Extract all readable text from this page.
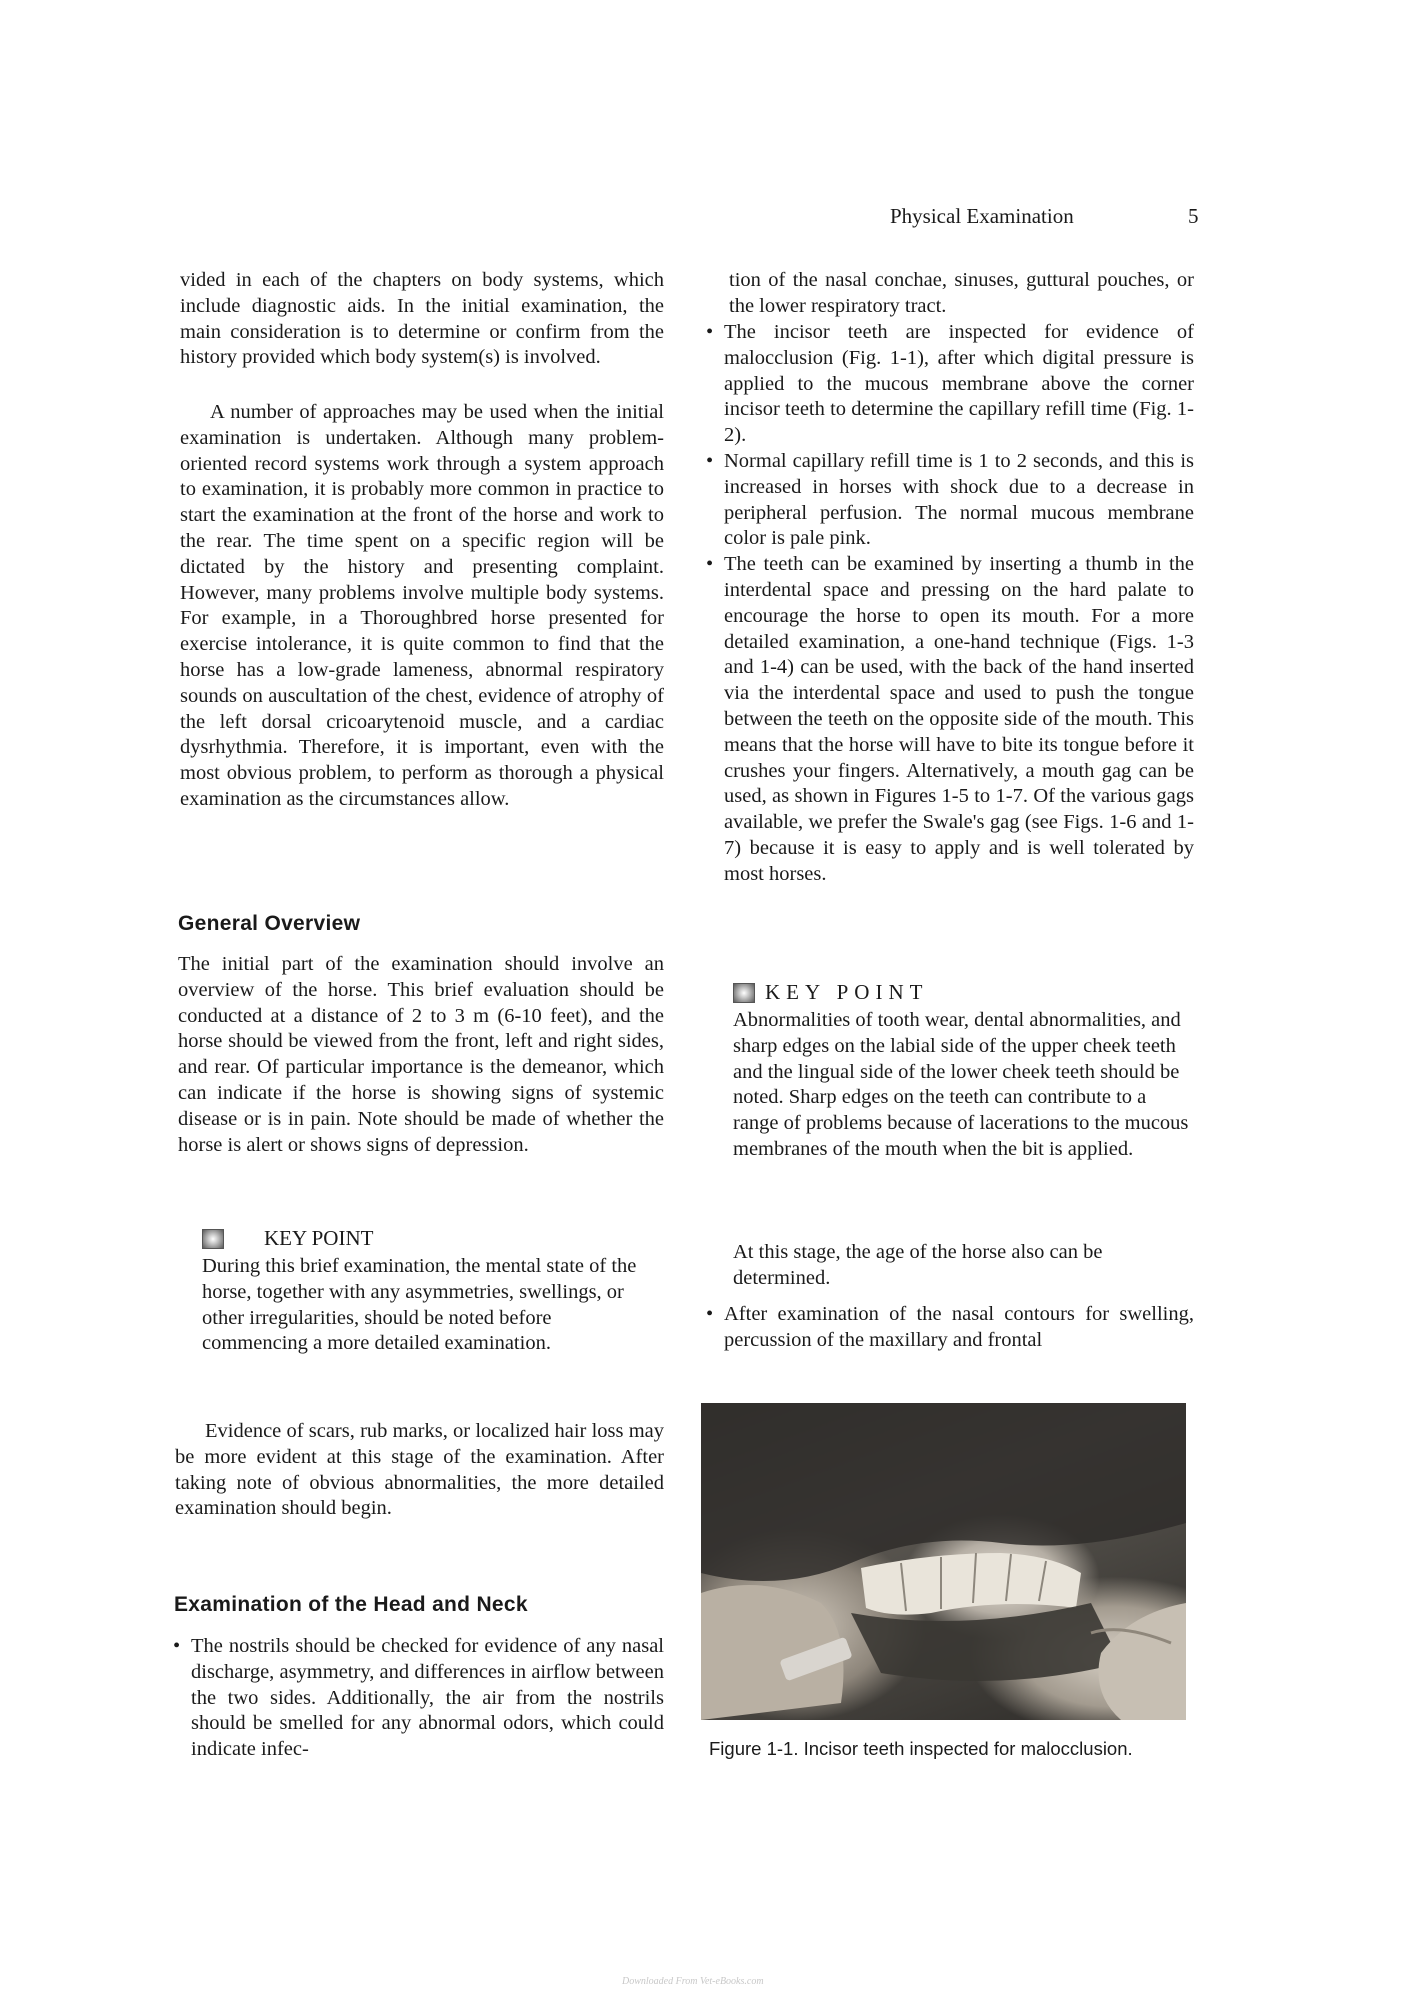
Physical Examination	5

vided in each of the chapters on body systems, which include diagnostic aids. In the initial examination, the main consideration is to determine or confirm from the history provided which body system(s) is involved.

A number of approaches may be used when the initial examination is undertaken. Although many problem-oriented record systems work through a system approach to examination, it is probably more common in practice to start the examination at the front of the horse and work to the rear. The time spent on a specific region will be dictated by the history and presenting complaint. However, many problems involve multiple body systems. For example, in a Thoroughbred horse presented for exercise intolerance, it is quite common to find that the horse has a low-grade lameness, abnormal respiratory sounds on auscultation of the chest, evidence of atrophy of the left dorsal cricoarytenoid muscle, and a cardiac dysrhythmia. Therefore, it is important, even with the most obvious problem, to perform as thorough a physical examination as the circumstances allow.

General Overview

The initial part of the examination should involve an overview of the horse. This brief evaluation should be conducted at a distance of 2 to 3 m (6-10 feet), and the horse should be viewed from the front, left and right sides, and rear. Of particular importance is the demeanor, which can indicate if the horse is showing signs of systemic disease or is in pain. Note should be made of whether the horse is alert or shows signs of depression.

KEY POINT

During this brief examination, the mental state of the horse, together with any asymmetries, swellings, or other irregularities, should be noted before commencing a more detailed examination.

Evidence of scars, rub marks, or localized hair loss may be more evident at this stage of the examination. After taking note of obvious abnormalities, the more detailed examination should begin.

Examination of the Head and Neck
• The nostrils should be checked for evidence of any nasal discharge, asymmetry, and differences in airflow between the two sides. Additionally, the air from the nostrils should be smelled for any abnormal odors, which could indicate infec-

tion of the nasal conchae, sinuses, guttural pouches, or the lower respiratory tract.

• The incisor teeth are inspected for evidence of malocclusion (Fig. 1-1), after which digital pressure is applied to the mucous membrane above the corner incisor teeth to determine the capillary refill time (Fig. 1-2).
• Normal capillary refill time is 1 to 2 seconds, and this is increased in horses with shock due to a decrease in peripheral perfusion. The normal mucous membrane color is pale pink.
• The teeth can be examined by inserting a thumb in the interdental space and pressing on the hard palate to encourage the horse to open its mouth. For a more detailed examination, a one-hand technique (Figs. 1-3 and 1-4) can be used, with the back of the hand inserted via the interdental space and used to push the tongue between the teeth on the opposite side of the mouth. This means that the horse will have to bite its tongue before it crushes your fingers. Alternatively, a mouth gag can be used, as shown in Figures 1-5 to 1-7. Of the various gags available, we prefer the Swale's gag (see Figs. 1-6 and 1-7) because it is easy to apply and is well tolerated by most horses.
KEY POINT

Abnormalities of tooth wear, dental abnormalities, and sharp edges on the labial side of the upper cheek teeth and the lingual side of the lower cheek teeth should be noted. Sharp edges on the teeth can contribute to a range of problems because of lacerations to the mucous membranes of the mouth when the bit is applied.

At this stage, the age of the horse also can be determined.

• After examination of the nasal contours for swelling, percussion of the maxillary and frontal
Figure 1-1. Incisor teeth inspected for malocclusion.
Downloaded From Vet-eBooks.com
